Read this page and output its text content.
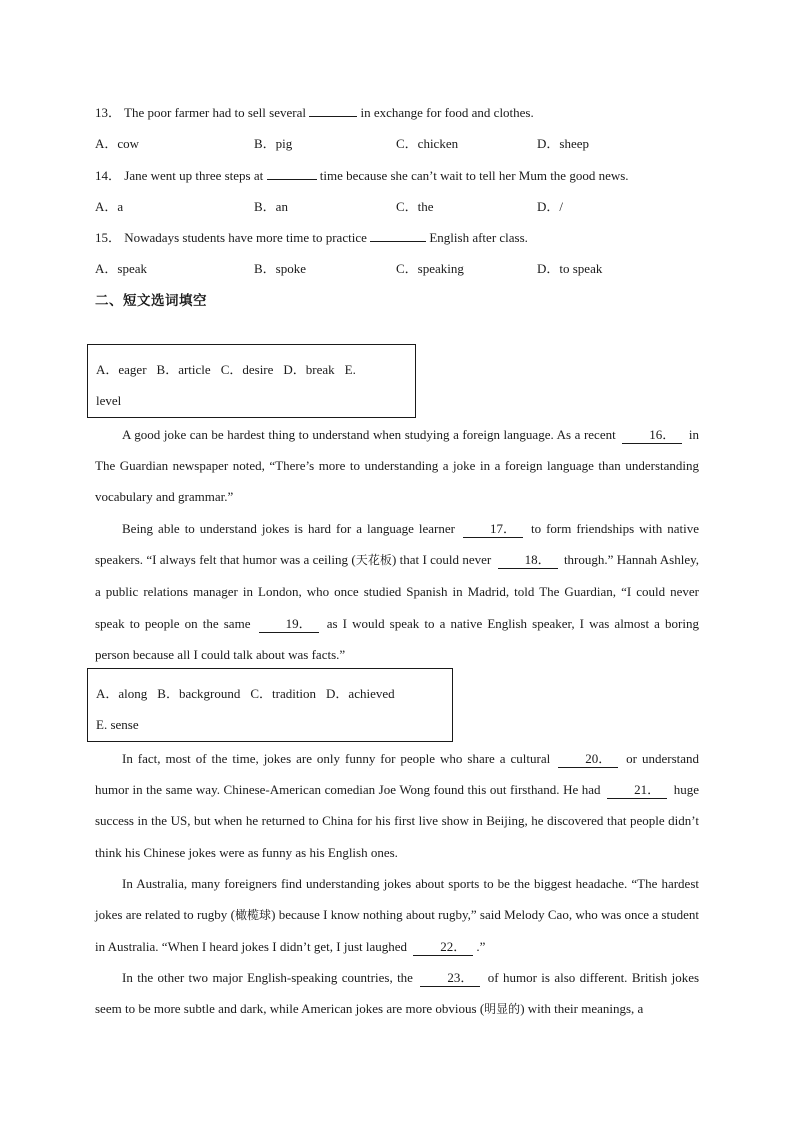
13． The poor farmer had to sell several	in exchange for food and clothes.
A．cow	B．pig	C．chicken	D．sheep
14． Jane went up three steps at	time because she can’t wait to tell her Mum the good news.
A．a	B．an	C．the	D．/
15． Nowadays students have more time to practice	English after class.
A．speak	B．spoke	C．speaking	D．to speak
二、短文选词填空
A．eager B．article C．desire D．break E.
level
A good joke can be hardest thing to understand when studying a foreign language. As a recent	16． in The Guardian newspaper noted, “There’s more to understanding a joke in a foreign language than understanding vocabulary and grammar.”
Being able to understand jokes is hard for a language learner	17． to form friendships with native speakers. “I always felt that humor was a ceiling (天花板) that I could never	18． through.” Hannah Ashley, a public relations manager in London, who once studied Spanish in Madrid, told The Guardian, “I could never speak to people on the same	19． as I would speak to a native English speaker, I was almost a boring person because all I could talk about was facts.”
A．along B．background C．tradition D．achieved
E. sense
In fact, most of the time, jokes are only funny for people who share a cultural	20． or understand humor in the same way. Chinese-American comedian Joe Wong found this out firsthand. He had	21． huge success in the US, but when he returned to China for his first live show in Beijing, he discovered that people didn’t think his Chinese jokes were as funny as his English ones.
In Australia, many foreigners find understanding jokes about sports to be the biggest headache. “The hardest jokes are related to rugby (橄榄球) because I know nothing about rugby,” said Melody Cao, who was once a student in Australia. “When I heard jokes I didn’t get, I just laughed	22． .”
In the other two major English-speaking countries, the	23． of humor is also different. British jokes seem to be more subtle and dark, while American jokes are more obvious (明显的) with their meanings, a
